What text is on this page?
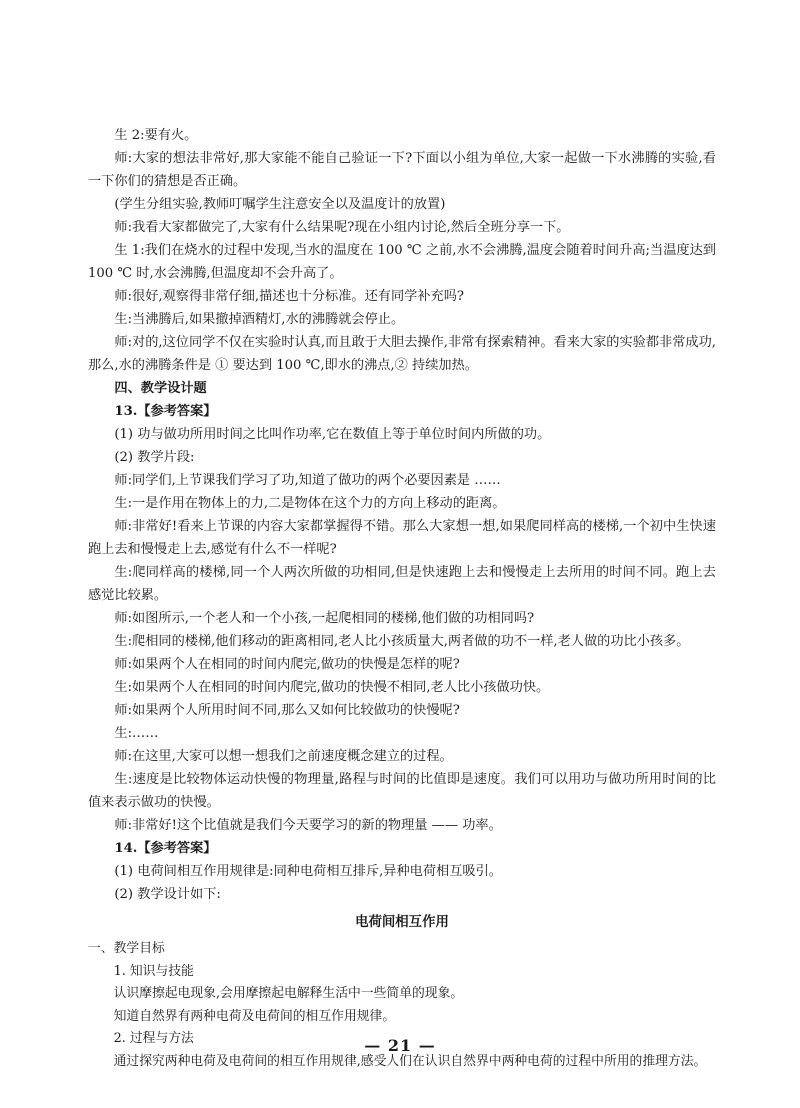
生 2:要有火。

师:大家的想法非常好,那大家能不能自己验证一下?下面以小组为单位,大家一起做一下水沸腾的实验,看一下你们的猜想是否正确。

(学生分组实验,教师叮嘱学生注意安全以及温度计的放置)

师:我看大家都做完了,大家有什么结果呢?现在小组内讨论,然后全班分享一下。

生 1:我们在烧水的过程中发现,当水的温度在 100 ℃ 之前,水不会沸腾,温度会随着时间升高;当温度达到 100 ℃ 时,水会沸腾,但温度却不会升高了。

师:很好,观察得非常仔细,描述也十分标准。还有同学补充吗?

生:当沸腾后,如果撤掉酒精灯,水的沸腾就会停止。

师:对的,这位同学不仅在实验时认真,而且敢于大胆去操作,非常有探索精神。看来大家的实验都非常成功,那么,水的沸腾条件是 ① 要达到 100 ℃,即水的沸点,② 持续加热。

四、教学设计题

13.【参考答案】

(1) 功与做功所用时间之比叫作功率,它在数值上等于单位时间内所做的功。

(2) 教学片段:

师:同学们,上节课我们学习了功,知道了做功的两个必要因素是 ……

生:一是作用在物体上的力,二是物体在这个力的方向上移动的距离。

师:非常好!看来上节课的内容大家都掌握得不错。那么大家想一想,如果爬同样高的楼梯,一个初中生快速跑上去和慢慢走上去,感觉有什么不一样呢?

生:爬同样高的楼梯,同一个人两次所做的功相同,但是快速跑上去和慢慢走上去所用的时间不同。跑上去感觉比较累。

师:如图所示,一个老人和一个小孩,一起爬相同的楼梯,他们做的功相同吗?

生:爬相同的楼梯,他们移动的距离相同,老人比小孩质量大,两者做的功不一样,老人做的功比小孩多。

师:如果两个人在相同的时间内爬完,做功的快慢是怎样的呢?

生:如果两个人在相同的时间内爬完,做功的快慢不相同,老人比小孩做功快。

师:如果两个人所用时间不同,那么又如何比较做功的快慢呢?

生:……

师:在这里,大家可以想一想我们之前速度概念建立的过程。

生:速度是比较物体运动快慢的物理量,路程与时间的比值即是速度。我们可以用功与做功所用时间的比值来表示做功的快慢。

师:非常好!这个比值就是我们今天要学习的新的物理量 —— 功率。

14.【参考答案】

(1) 电荷间相互作用规律是:同种电荷相互排斥,异种电荷相互吸引。

(2) 教学设计如下:

电荷间相互作用

一、教学目标

1. 知识与技能

认识摩擦起电现象,会用摩擦起电解释生活中一些简单的现象。

知道自然界有两种电荷及电荷间的相互作用规律。

2. 过程与方法

通过探究两种电荷及电荷间的相互作用规律,感受人们在认识自然界中两种电荷的过程中所用的推理方法。

— 21 —
